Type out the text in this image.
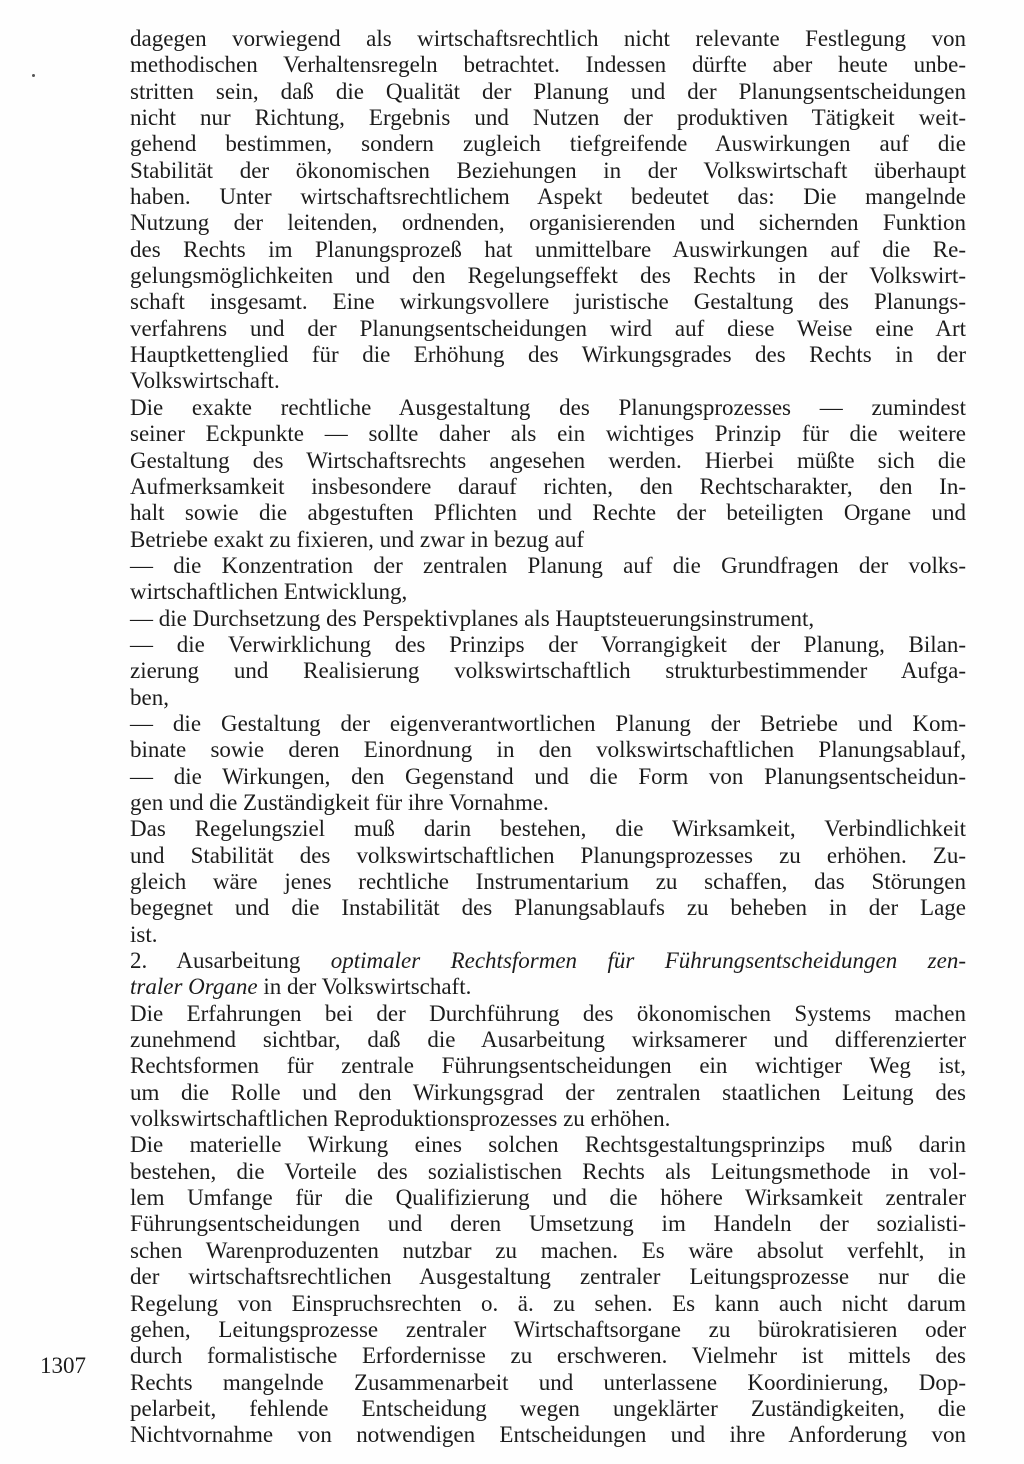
dagegen vorwiegend als wirtschaftsrechtlich nicht relevante Festlegung von
methodischen Verhaltensregeln betrachtet. Indessen dürfte aber heute unbe-
stritten sein, daß die Qualität der Planung und der Planungsentscheidungen
nicht nur Richtung, Ergebnis und Nutzen der produktiven Tätigkeit weit-
gehend bestimmen, sondern zugleich tiefgreifende Auswirkungen auf die
Stabilität der ökonomischen Beziehungen in der Volkswirtschaft überhaupt
haben. Unter wirtschaftsrechtlichem Aspekt bedeutet das: Die mangelnde
Nutzung der leitenden, ordnenden, organisierenden und sichernden Funktion
des Rechts im Planungsprozeß hat unmittelbare Auswirkungen auf die Re-
gelungsmöglichkeiten und den Regelungseffekt des Rechts in der Volkswirt-
schaft insgesamt. Eine wirkungsvollere juristische Gestaltung des Planungs-
verfahrens und der Planungsentscheidungen wird auf diese Weise eine Art
Hauptkettenglied für die Erhöhung des Wirkungsgrades des Rechts in der
Volkswirtschaft.
Die exakte rechtliche Ausgestaltung des Planungsprozesses — zumindest
seiner Eckpunkte — sollte daher als ein wichtiges Prinzip für die weitere
Gestaltung des Wirtschaftsrechts angesehen werden. Hierbei müßte sich die
Aufmerksamkeit insbesondere darauf richten, den Rechtscharakter, den In-
halt sowie die abgestuften Pflichten und Rechte der beteiligten Organe und
Betriebe exakt zu fixieren, und zwar in bezug auf
— die Konzentration der zentralen Planung auf die Grundfragen der volks-
wirtschaftlichen Entwicklung,
— die Durchsetzung des Perspektivplanes als Hauptsteuerungsinstrument,
— die Verwirklichung des Prinzips der Vorrangigkeit der Planung, Bilan-
zierung und Realisierung volkswirtschaftlich strukturbestimmender Aufga-
ben,
— die Gestaltung der eigenverantwortlichen Planung der Betriebe und Kom-
binate sowie deren Einordnung in den volkswirtschaftlichen Planungsablauf,
— die Wirkungen, den Gegenstand und die Form von Planungsentscheidun-
gen und die Zuständigkeit für ihre Vornahme.
Das Regelungsziel muß darin bestehen, die Wirksamkeit, Verbindlichkeit
und Stabilität des volkswirtschaftlichen Planungsprozesses zu erhöhen. Zu-
gleich wäre jenes rechtliche Instrumentarium zu schaffen, das Störungen
begegnet und die Instabilität des Planungsablaufs zu beheben in der Lage
ist.
2. Ausarbeitung optimaler Rechtsformen für Führungsentscheidungen zen-
traler Organe in der Volkswirtschaft.
Die Erfahrungen bei der Durchführung des ökonomischen Systems machen
zunehmend sichtbar, daß die Ausarbeitung wirksamerer und differenzierter
Rechtsformen für zentrale Führungsentscheidungen ein wichtiger Weg ist,
um die Rolle und den Wirkungsgrad der zentralen staatlichen Leitung des
volkswirtschaftlichen Reproduktionsprozesses zu erhöhen.
Die materielle Wirkung eines solchen Rechtsgestaltungsprinzips muß darin
bestehen, die Vorteile des sozialistischen Rechts als Leitungsmethode in vol-
lem Umfange für die Qualifizierung und die höhere Wirksamkeit zentraler
Führungsentscheidungen und deren Umsetzung im Handeln der sozialisti-
schen Warenproduzenten nutzbar zu machen. Es wäre absolut verfehlt, in
der wirtschaftsrechtlichen Ausgestaltung zentraler Leitungsprozesse nur die
Regelung von Einspruchsrechten o. ä. zu sehen. Es kann auch nicht darum
gehen, Leitungsprozesse zentraler Wirtschaftsorgane zu bürokratisieren oder
durch formalistische Erfordernisse zu erschweren. Vielmehr ist mittels des
Rechts mangelnde Zusammenarbeit und unterlassene Koordinierung, Dop-
pelarbeit, fehlende Entscheidung wegen ungeklärter Zuständigkeiten, die
Nichtvornahme von notwendigen Entscheidungen und ihre Anforderung von
1307
